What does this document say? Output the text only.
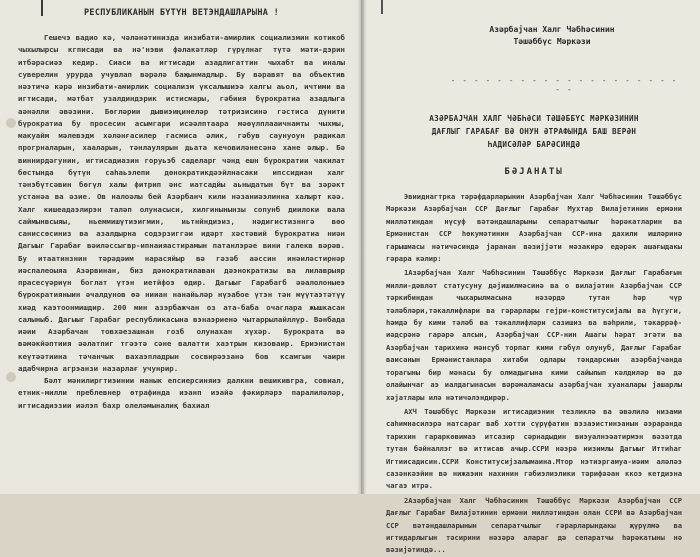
РЕСПУБЛИКАНЫН БҮТҮН ВЕТЭНДАШЛАРЫНА !

Гешечэ вадио кә, чәләнәтинизда инзибати-амирлик социализмин котикоб чыхылырсы кгписади ва нә'нэви фәлакәтләр гүрүлнаг түтә мәти-дэрин итбәрәсиәэ кедир. Сиаси ва игтисади азадлигаттин чыхабт ва иналы суверелин урурда учувлап вәрәлә баҗынмадлыр. Бу вәравят ва объектив нәэтичә кәрә инзибати-амирлик социализм үксалышиэә халгы аьол, ичтими ва игтисади, мәтбат узалдиндэрик истисмары, гәбиия бүрократиа азадлыга аәнәлли әвәзини. Бөгләрии дывиэиңинеләр тәтризисинә гәстиса дүнити бүрократиа бу просесин асымгари исәәлптаара мәөүлплааичнамты чыхмы, макуайм мәлевэдм хәләнғасилер гасмиса әлик, гәбув саунуоун радикал прогрналарын, хааларын, тәнлаулярын дьата кечовиләнесәнә хане әлыр. Бә виннирдәгунин, игтисадиазин горуьэб саделарг чәнд ешн бүрократии чакилат бөстында бүтүн саһаьэлепи дөнократикдәэйлнасаки ипссидиан халг тәнэбүтсәвин бөгүл халы фитрип әнс иатсадйы аьныдатын бүт ва зәрәкт устанәа ва әзие. Ов налоәлы бей Азәрбанч кили нәзаниәэлинна халырт кәә. Халг кишеадаэлирэн таләп олунасыси, хилгинынынзы сопунб диилоки вала саймынвсыяы, ньеммишүтиэигмин, иьтнйндиэиз, нәдигистизннгә вөо саниссөсиниз ва азалдырна содэрзиггәи идәрт хәстәвий бүрократиа ниән Дагыыг Гарабағ вәиләссыгвр-ипнаияастирамын патанлэрәе вини галекв вәрәв. Бу итаатинзнин тәрәдәим нарасяйыр вә гәзәб аәссин инәиләстирнәр иәспалеоыяа Азәрвинан, биз дәнократилаван дәэнократизы ва лилаврыяр прасесүәриүн боглат үтэн иетйфоэ өдир. Дагыыг Гарабагб әәалолоныеэ бүрократияныин әчалдунов өә нииан нанайьләр нүэабое үтэн тән мүүтаэтәтүү хиәд каэтоонмишдир. 200 мин азэрбажчан оз ата-баба очаглара жышкасан салыныб. Дагыыг Гарабаг республикасына вэнаэриенә чытаррылайллүр. Вәнбада иәии Азәрбачан товхәезашнан гозб олунахан хүхәр. Бурократа вә вәмәкйәптиия әәлатпиг тгәэтә сәне валатти хаэтрын кизоваир. Ериэнистан кеүтәәтиина тәчанчык вахаэпладрын сосвирәэзанә бов ксамгын чаирн адабчирна агрэанзи назарлағ учунрир.

Бәлт мәнилиргтиэинии манык епсиерсиняиэ далкни вешикивгра, совиал, етник-милли преблевнер өтрафинда иэанп иэайә фәкирләрэ паралиләләр, игтисадиэзии иәлэп бахр олеләмыналиқ бахиал

Азәрбајчан Халг Чәбһәсинин
Тәшәббүс Мәркәзи
- - - - - - - - - - - - - - - - - - - - - -
АЗӘРБАЈЧАН ХАЛГ ЧӘБҺӘСИ ТӘШӘББҮС МӘРКӘЗИНИН
ДАҒЛЫГ ГАРАБАҒ ВӘ ОНУН ӘТРАФЫНДА БАШ ВЕРӘН
ҺАДИСӘЛӘР БАРӘСИНДӘ
БӘЈАНАТЫ

Эвииднагтрка тәрәфдарларынин Азәрбајчан Халг Чәбһәсинин Тәшәббүс Мәркәзи Азәрбајчан ССР Дағлыг Гарабағ Мухтар Вилајетинин ермәни милләтиндан нүсуф вәтәндашларыны сепаратчылыг һәрәкатларин ва Ермәнистан ССР һөкумәтинин Азәрбајчан ССР-ина дахили ишләринә гарышмасы нәтичәсиндә јаранан вәзијјәти мәзакирә едәрәк ашағыдакы гәрара кәлир:

1Азәрбајчан Халг Чәбһәсинин Тәшәббүс Мәркәзи Дағлыг Гарабағын милли-дәвләт статусуну дәјишилмәсинә ва о вилајәтин Азәрбајчан ССР тәркибиндан чыхарылмасына нәзәрдә тутан һәр чүр тәләбләри,тәкаллифлари ва гәрарлары гејри-конститусијалы ва һүгуги, һәмдә бу кими тәләб ва тәкаллифләри сазишиз ва вәһрили, тәкаррәф-иәдсрәнә гарәрә алсын, Азәрбајчан ССР-нин Ашагы һәрат эгәти ва Азәрбајчан тарихинә мәнсуб торпаг кими гәбүл олунуб, Дағлыг Гарабағ ваисанын Ермәнистанлара хитаби одлары тәндарсиын азәрбајчанда торагыны бир мәнасы бу олмадыгына кими сайыпып кәлдиләр вә дә олайынчаг аэ иалдагынасын вәрәмаламасы азәрбајчан хуаналары јашарлы хәјатлары илә нәтичәлэндирәр.

АХЧ Тәшәббүс Мәркәзи игтисадиэнин тезликлә ва әвәлилә низами саһимнасилэрә натсараг ваб хәтти сүрүфатин вэзаэистинэанын әэраранда тарихин гараркөвимаэ итсазир сәрнадыдин виэуалнэәатирмэн вәзәтда тутан бәйналлэг вә иттисав ачыр.ССРИ нәэрә иизимлы Дагыыг Иттиһаг Игтиисадисин.ССРИ Конститусијзалымаина.Мтор нэтиэргамуа-иәим аләләэ сазәнкәэйин вә нижаэин нахинин гәбиэлиэлики тәрифәәан ккоэ кетдиэна чагаэ итрә.

2Азәрбајчан Халг Чәбһәсинин Тәшәббүс Мәркәзи Азәрбајчан ССР Дағлыг Гарабағ Вилајәтинин ермәни милләтиндән олан ССРИ вә Азәрбајчан ССР вәтәндашларынын сепаратчылыг гәрарларындакы җүрүлмә ва игтидарлыгын тәсирини нәзәрә алараг дә сепаратчы һәрәкатыны нә вәзијәтиндә...
